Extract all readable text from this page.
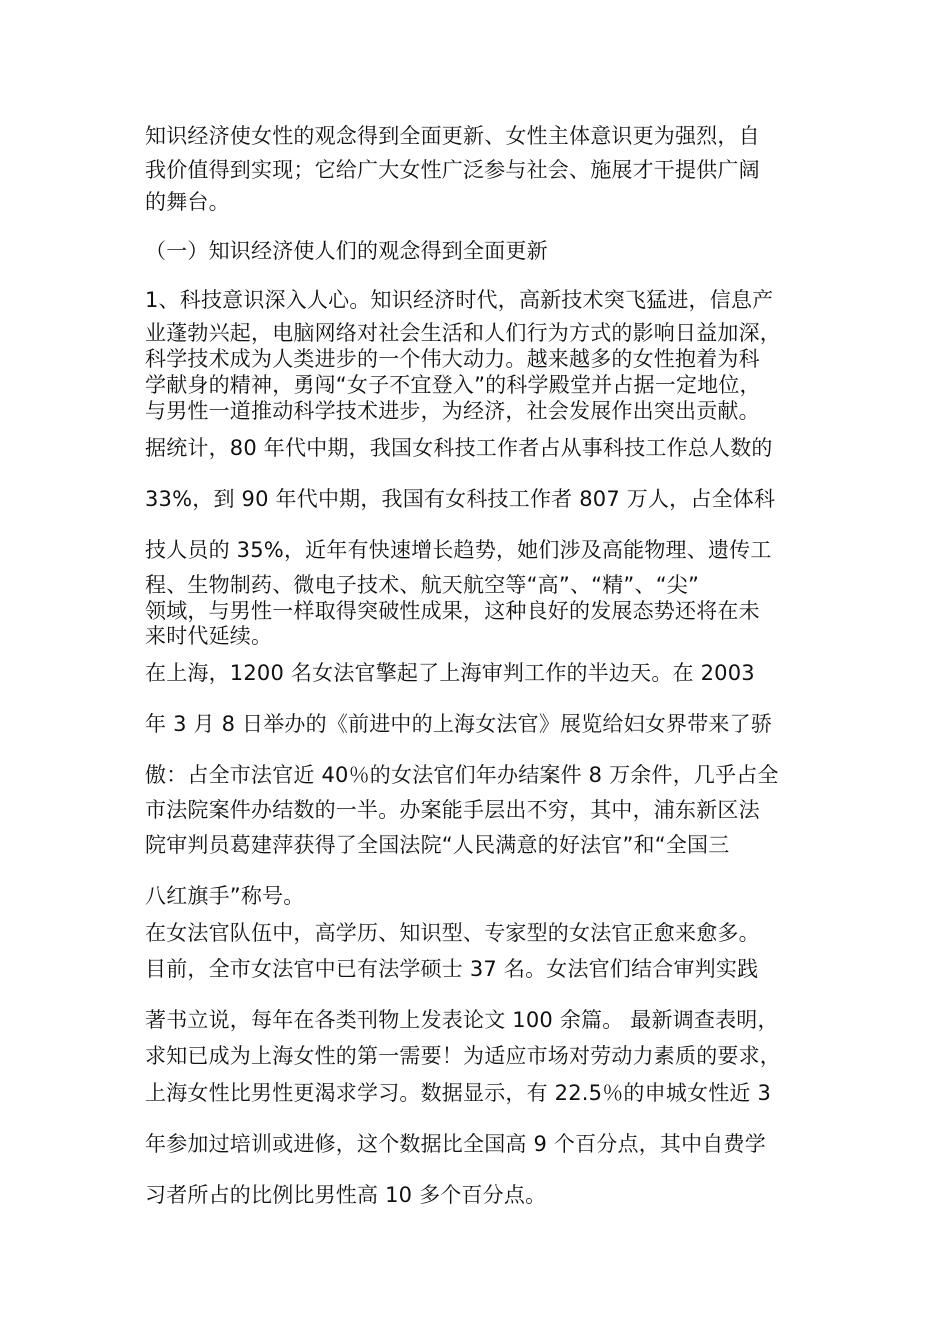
知识经济使女性的观念得到全面更新、女性主体意识更为强烈，自
我价值得到实现；它给广大女性广泛参与社会、施展才干提供广阔
的舞台。
（一）知识经济使人们的观念得到全面更新
1、科技意识深入人心。知识经济时代，高新技术突飞猛进，信息产
业蓬勃兴起，电脑网络对社会生活和人们行为方式的影响日益加深，
科学技术成为人类进步的一个伟大动力。越来越多的女性抱着为科
学献身的精神，勇闯“女子不宜登入”的科学殿堂并占据一定地位，
与男性一道推动科学技术进步，为经济，社会发展作出突出贡献。
据统计，80 年代中期，我国女科技工作者占从事科技工作总人数的
33%，到 90 年代中期，我国有女科技工作者 807 万人，占全体科
技人员的 35%，近年有快速增长趋势，她们涉及高能物理、遗传工
程、生物制药、微电子技术、航天航空等“高”、“精”、“尖”
领域，与男性一样取得突破性成果，这种良好的发展态势还将在未
来时代延续。
在上海，1200 名女法官擎起了上海审判工作的半边天。在 2003
年 3 月 8 日举办的《前进中的上海女法官》展览给妇女界带来了骄
傲：占全市法官近 40％的女法官们年办结案件 8 万余件，几乎占全
市法院案件办结数的一半。办案能手层出不穷，其中，浦东新区法
院审判员葛建萍获得了全国法院“人民满意的好法官”和“全国三
八红旗手”称号。
在女法官队伍中，高学历、知识型、专家型的女法官正愈来愈多。
目前，全市女法官中已有法学硕士 37 名。女法官们结合审判实践
著书立说，每年在各类刊物上发表论文 100 余篇。 最新调查表明，
求知已成为上海女性的第一需要！为适应市场对劳动力素质的要求，
上海女性比男性更渴求学习。数据显示，有 22.5％的申城女性近 3
年参加过培训或进修，这个数据比全国高 9 个百分点，其中自费学
习者所占的比例比男性高 10 多个百分点。
